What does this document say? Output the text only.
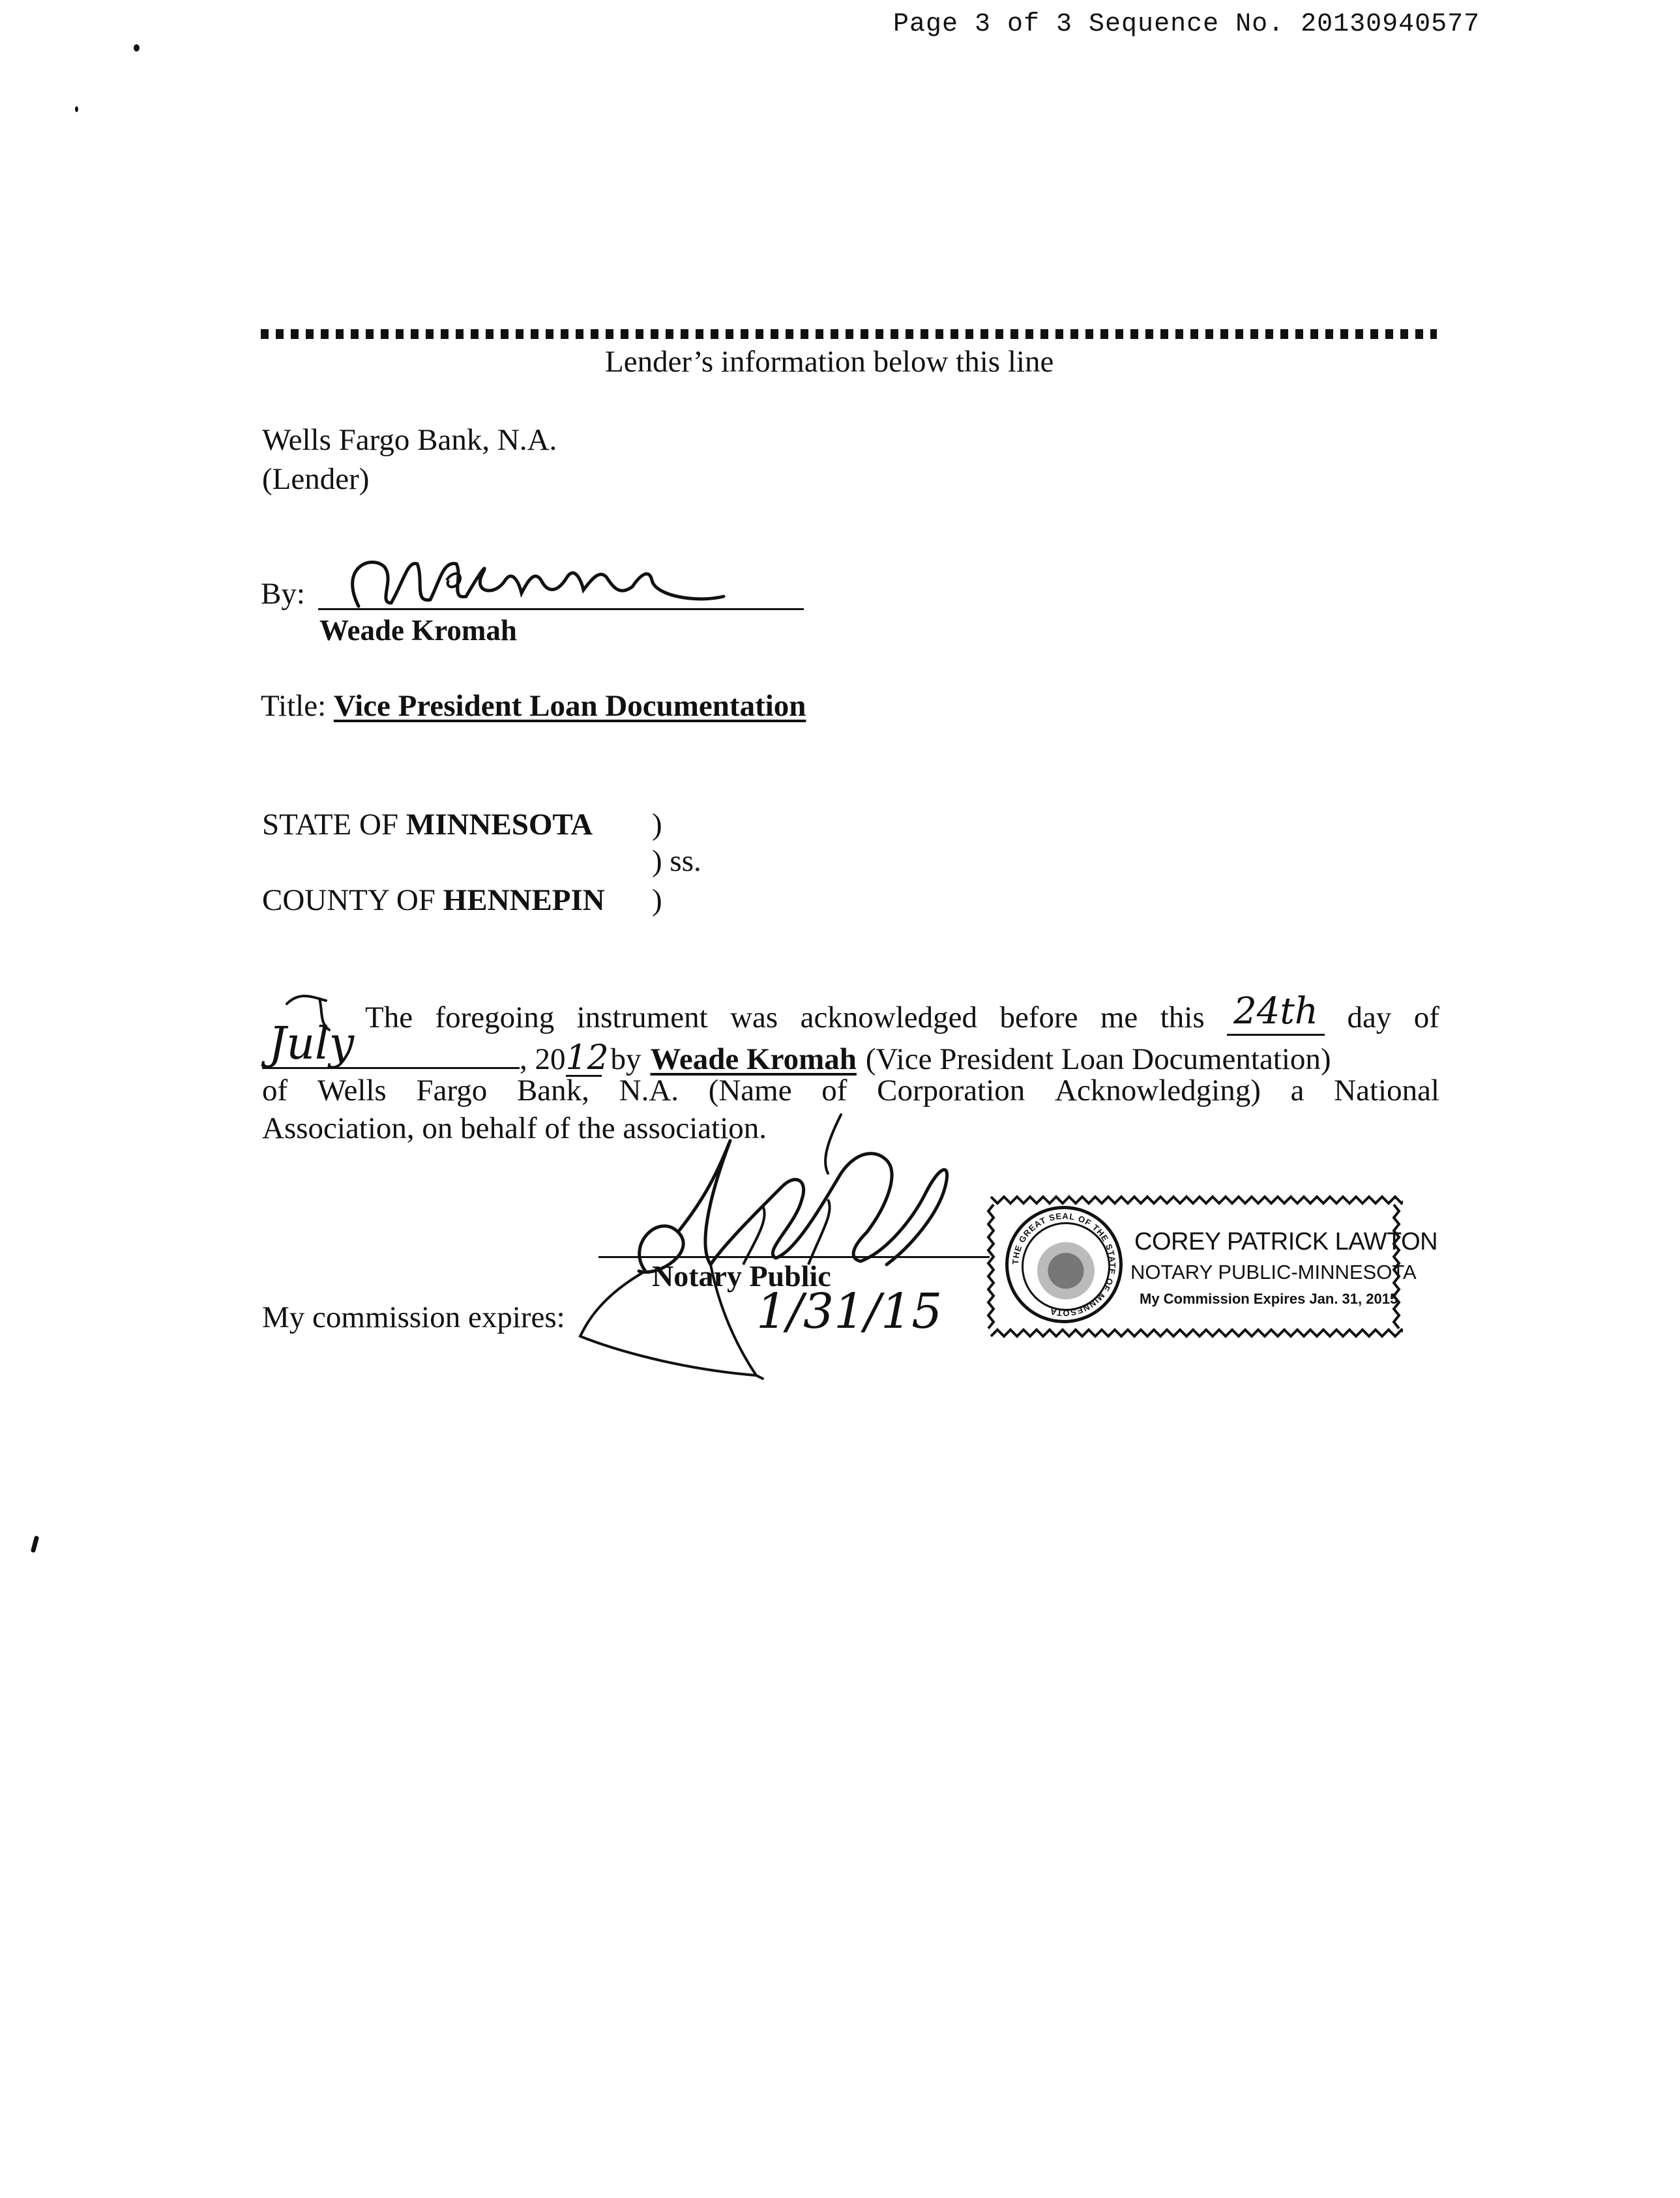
Page 3 of 3 Sequence No. 20130940577
Lender’s information below this line
Wells Fargo Bank, N.A.
(Lender)
By:
Weade Kromah
Title: Vice President Loan Documentation
STATE OF MINNESOTA )
) ss.
COUNTY OF HENNEPIN )
The foregoing instrument was acknowledged before me this 24th day of
July	, 20 12 by Weade Kromah (Vice President Loan Documentation)
of Wells Fargo Bank, N.A. (Name of Corporation Acknowledging) a National
Association, on behalf of the association.
Notary Public
My commission expires:	1/31/15
THE GREAT SEAL OF THE STATE OF MINNESOTA
COREY PATRICK LAWTON
NOTARY PUBLIC-MINNESOTA
My Commission Expires Jan. 31, 2015
